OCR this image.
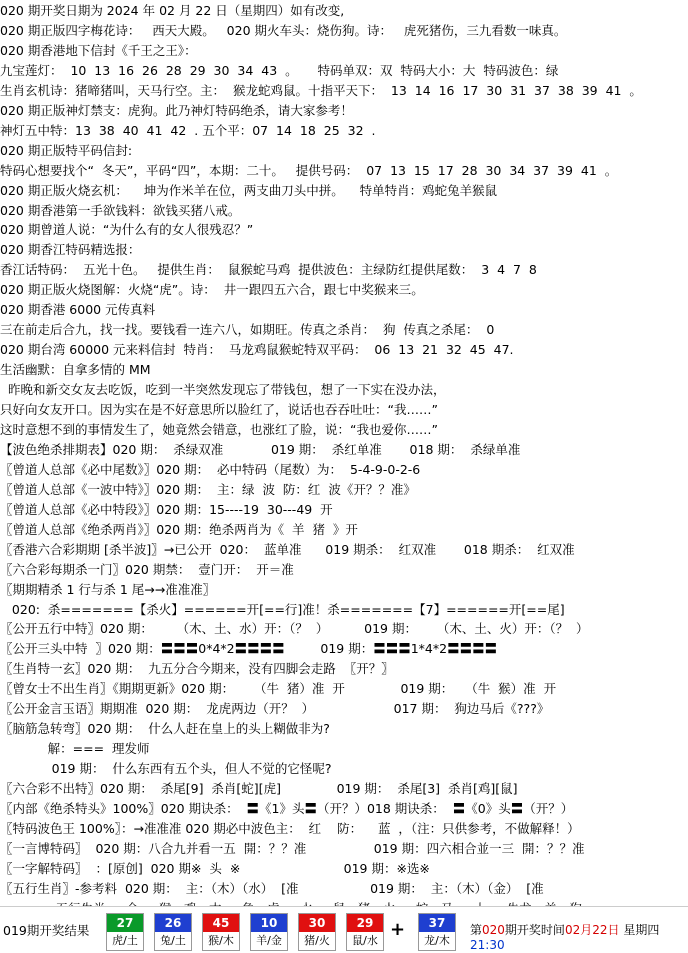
020 期开奖日期为 2024 年 02 月 22 日（星期四）如有改变,
020 期正版四字梅花诗：   西天大殿。   020 期火车头：烧伤狗。诗：   虎死猪伤，三九看数一味真。
020 期香港地下信封《千王之王》：
九宝莲灯：  10  13  16  26  28  29  30  34  43  。     特码单双：双  特码大小：大  特码波色：绿
生肖玄机诗：猪啼猪叫，天马行空。主：  猴龙蛇鸡鼠。十指平天下：  13  14  16  17  30  31  37  38  39  41  。
020 期正版神灯禁支：虎狗。此乃神灯特码绝杀，请大家参考！
神灯五中特：13  38  40  41  42  . 五个平：07  14  18  25  32  .
020 期正版特平码信封:
特码心想要找个“  冬天”，平码“四”，本期：二十。   提供号码：  07  13  15  17  28  30  34  37  39  41  。
020 期正版火烧玄机：    坤为作米羊在位，两支曲刀头中拼。    特单特肖：鸡蛇兔羊猴鼠
020 期香港第一手欲钱料：欲钱买猪八戒。
020 期曾道人说：“为什么有的女人很残忍？”
020 期香江特码精选报：
香江话特码：  五光十色。   提供生肖：  鼠猴蛇马鸡  提供波色：主绿防红提供尾数：  3  4  7  8
020 期正版火烧图解：火烧“虎”。诗：  井一跟四五六合，跟七中奖猴来三。
020 期香港 6000 元传真料
三在前走后合九，找一找。要钱看一连六八，如期旺。传真之杀肖：  狗  传真之杀尾：  0
020 期台湾 60000 元来料信封  特肖：  马龙鸡鼠猴蛇特双平码：  06  13  21  32  45  47.
生活幽默：自拿多情的 MM
昨晚和新交女友去吃饭，吃到一半突然发现忘了带钱包，想了一下实在没办法，
只好向女友开口。因为实在是不好意思所以脸红了，说话也吞吞吐吐：“我……”
这时意想不到的事情发生了，她竟然会错意，也涨红了脸，说：“我也爱你……”
【波色绝杀排期表】020 期：  杀绿双准            019 期：  杀红单准       018 期：  杀绿单准
〖曾道人总部《必中尾数》〗020 期：  必中特码（尾数）为：  5-4-9-0-2-6
〖曾道人总部《一波中特》〗020 期：  主：绿  波  防：红  波《开？？准》
〖曾道人总部《必中特段》〗020 期：15----19  30---49  开
〖曾道人总部《绝杀两肖》〗020 期：绝杀两肖为《  羊  猪  》开
〖香港六合彩期期 [杀半波]〗→已公开  020：  蓝单准      019 期杀：  红双准       018 期杀：  红双准
〖六合彩每期杀一门〗020 期禁：  壹门开：  开＝准
〖期期精杀 1 行与杀 1 尾→→准准准〗
020:  杀=======【杀火】======开[==行]准！杀=======【7】======开[==尾]
〖公开五行中特〗020 期：      （木、土、水）开：（？  ）         019 期：     （木、土、火）开：（？  ）
〖公开三头中特  〗020 期：〓〓〓0*4*2〓〓〓〓         019 期：〓〓〓1*4*2〓〓〓〓
〖生肖特一玄〗020 期：  九五分合今期来，没有四脚会走路  〖开？〗
〖曾女士不出生肖〗《期期更新》020 期：     （牛  猪）准  开              019 期：   （牛  猴）准  开
〖公开金言玉语〗期期准  020 期：  龙虎两边（开？  ）                    017 期：  狗边马后《???》
〖脑筋急转弯〗020 期：  什么人赶在皇上的头上糊做非为?
解：===  理发师
019 期：  什么东西有五个头，但人不觉的它怪呢?
〖六合彩不出特〗020 期：  杀尾[9]  杀肖[蛇][虎]              019 期：  杀尾[3]  杀肖[鸡][鼠]
〖内部《绝杀特头》100%〗020 期诀杀：  〓《1》头〓（开？）018 期诀杀：  〓《0》头〓（开？）
〖特码波色王 100%〗：→准准准 020 期必中波色主：  红    防：    蓝  ，（注：只供参考，不做解释！）
〖一言博特码〗  020 期：八合九并看一五  開：？？准                 019 期：四六相合並一三  開：？？准
〖一字解特码〗  ：[原创]  020 期※  头  ※                          019 期：※选※
〖五行生肖〗-参考料  020 期：  主：（木）（水）  [准                  019 期：  主：（木）（金）  [准
019期开奖结果	27
虎/土
26
兔/土
45
猴/木
10
羊/金
30
猪/火
29
鼠/水
+	37
龙/木
第020期开奖时间02月22日 星期四21:30
